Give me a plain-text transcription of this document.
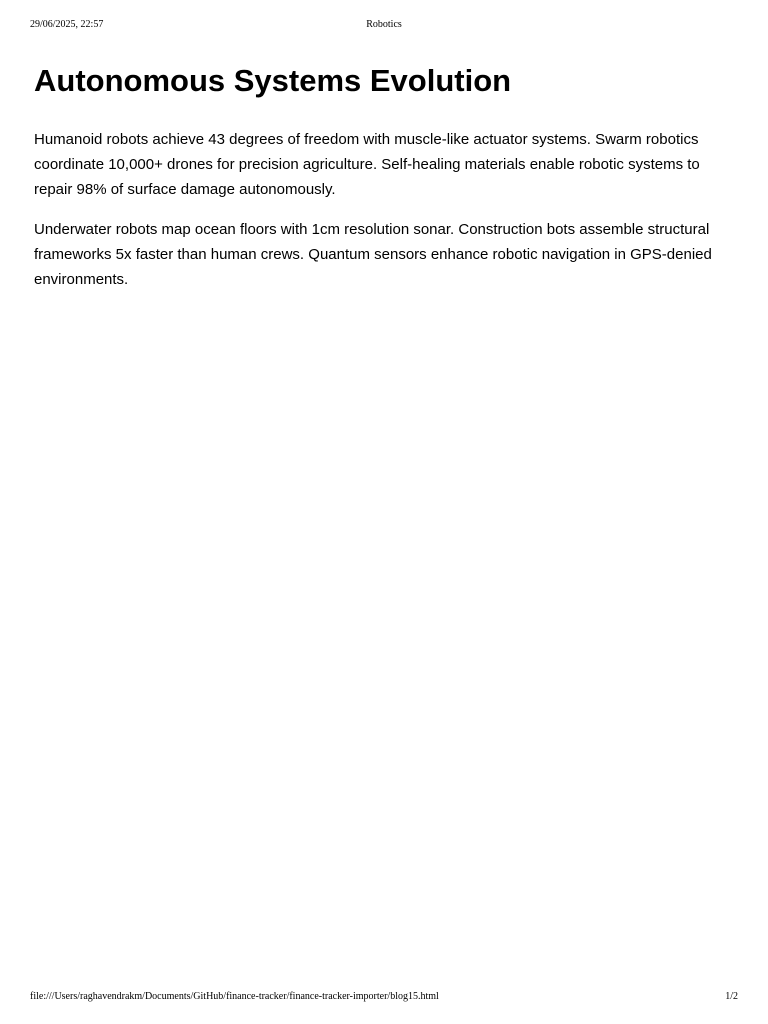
29/06/2025, 22:57	Robotics
Autonomous Systems Evolution

Humanoid robots achieve 43 degrees of freedom with muscle-like actuator systems. Swarm robotics coordinate 10,000+ drones for precision agriculture. Self-healing materials enable robotic systems to repair 98% of surface damage autonomously.

Underwater robots map ocean floors with 1cm resolution sonar. Construction bots assemble structural frameworks 5x faster than human crews. Quantum sensors enhance robotic navigation in GPS-denied environments.

file:///Users/raghavendrakm/Documents/GitHub/finance-tracker/finance-tracker-importer/blog15.html	1/2
